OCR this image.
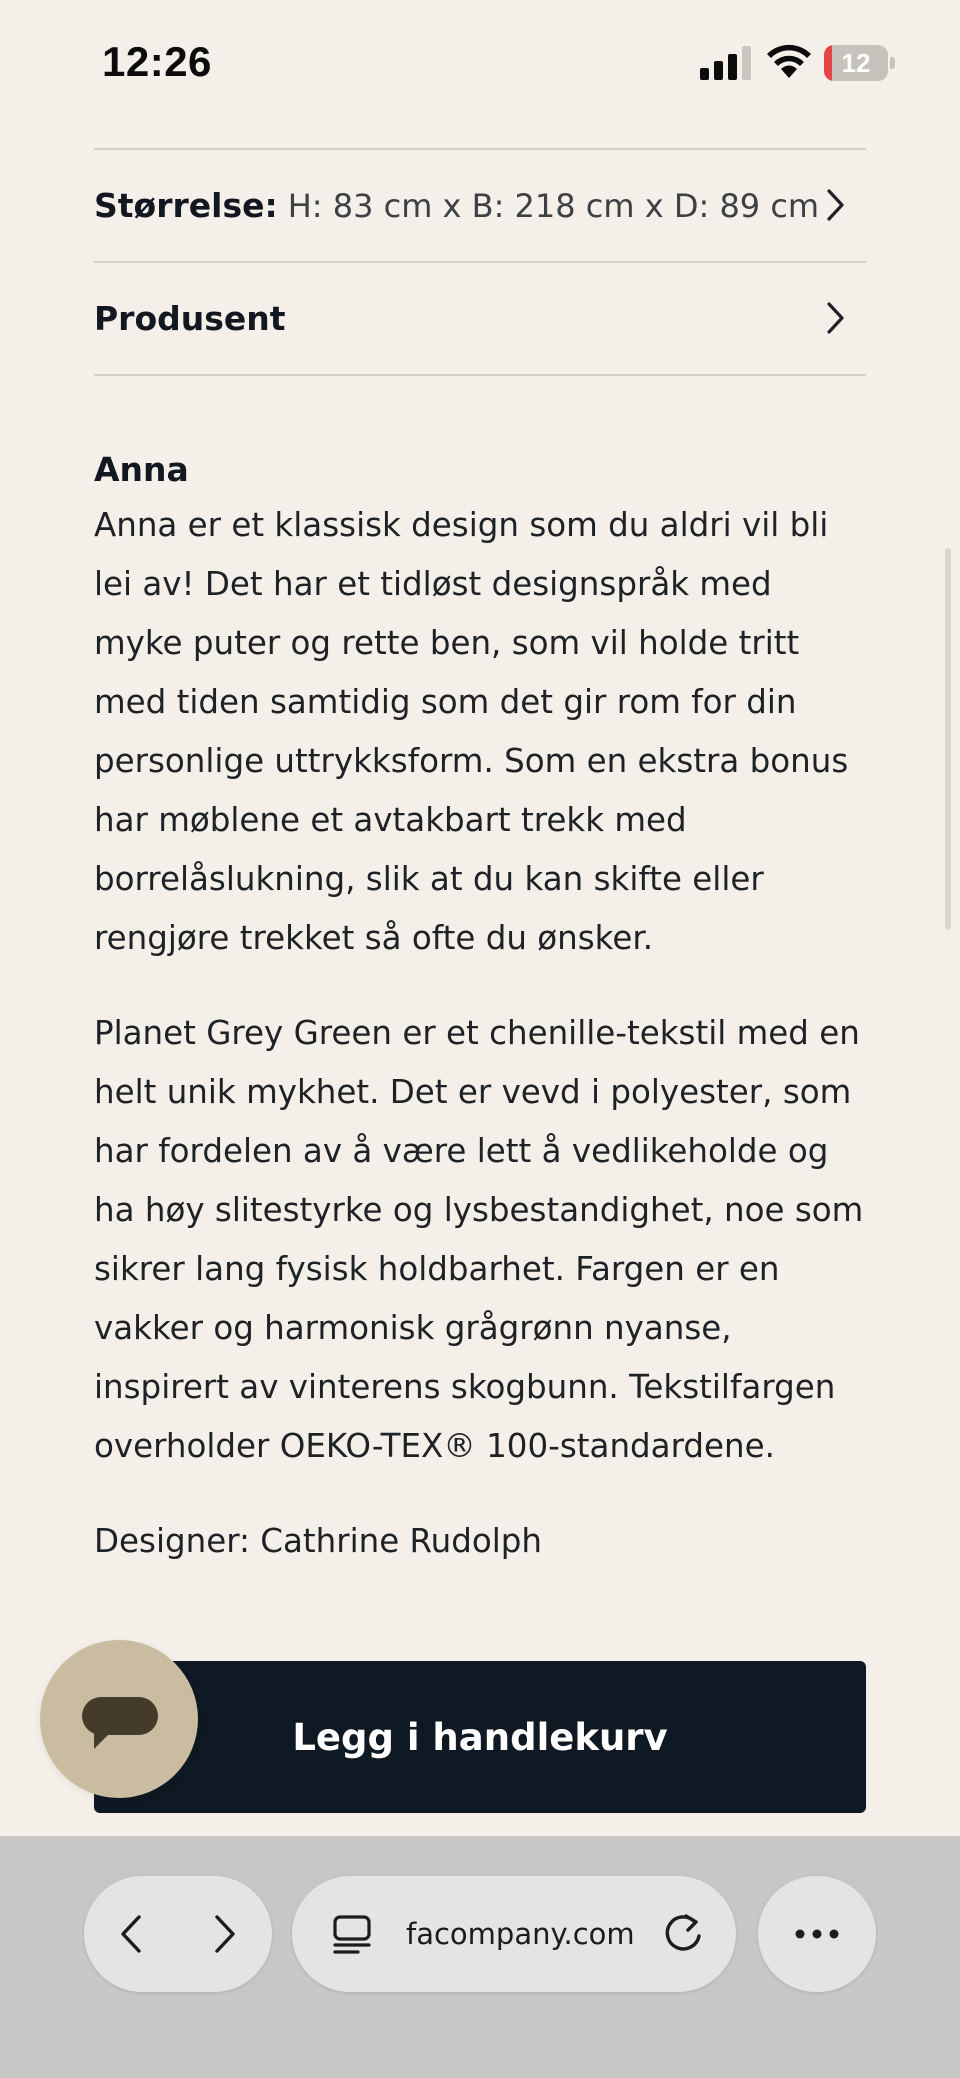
12:26	12
Størrelse: H: 83 cm x B: 218 cm x D: 89 cm
Produsent
Anna

Anna er et klassisk design som du aldri vil bli lei av! Det har et tidløst designspråk med myke puter og rette ben, som vil holde tritt med tiden samtidig som det gir rom for din personlige uttrykksform. Som en ekstra bonus har møblene et avtakbart trekk med borrelåslukning, slik at du kan skifte eller rengjøre trekket så ofte du ønsker.

Planet Grey Green er et chenille-tekstil med en helt unik mykhet. Det er vevd i polyester, som har fordelen av å være lett å vedlikeholde og ha høy slitestyrke og lysbestandighet, noe som sikrer lang fysisk holdbarhet. Fargen er en vakker og harmonisk grågrønn nyanse, inspirert av vinterens skogbunn. Tekstilfargen overholder OEKO-TEX® 100-standardene.

Designer: Cathrine Rudolph

Legg i handlekurv
facompany.com
